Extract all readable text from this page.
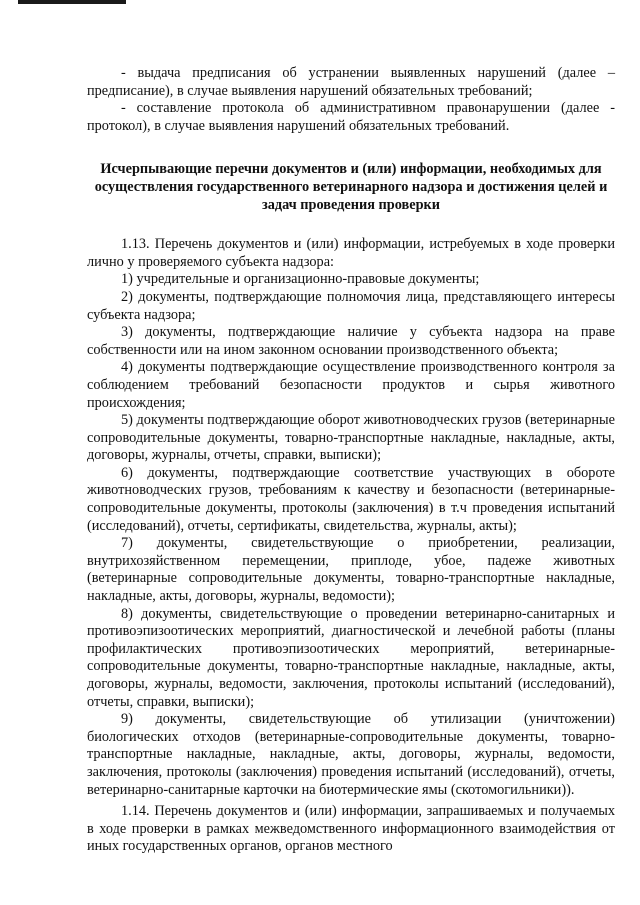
- выдача предписания об устранении выявленных нарушений (далее – предписание), в случае выявления нарушений обязательных требований;

- составление протокола об административном правонарушении (далее - протокол), в случае выявления нарушений обязательных требований.

Исчерпывающие перечни документов и (или) информации, необходимых для осуществления государственного ветеринарного надзора и достижения целей и задач проведения проверки

1.13. Перечень документов и (или) информации, истребуемых в ходе проверки лично у проверяемого субъекта надзора:

1) учредительные и организационно-правовые документы;

2) документы, подтверждающие полномочия лица, представляющего интересы субъекта надзора;

3) документы, подтверждающие наличие у субъекта надзора на праве собственности или на ином законном основании производственного объекта;

4) документы подтверждающие осуществление производственного контроля за соблюдением требований безопасности продуктов и сырья животного происхождения;

5) документы подтверждающие оборот животноводческих грузов (ветеринарные сопроводительные документы, товарно-транспортные накладные, накладные, акты, договоры, журналы, отчеты, справки, выписки);

6) документы, подтверждающие соответствие участвующих в обороте животноводческих грузов, требованиям к качеству и безопасности (ветеринарные-сопроводительные документы, протоколы (заключения) в т.ч проведения испытаний (исследований), отчеты, сертификаты, свидетельства, журналы, акты);

7) документы, свидетельствующие о приобретении, реализации, внутрихозяйственном перемещении, приплоде, убое, падеже животных (ветеринарные сопроводительные документы, товарно-транспортные накладные, накладные, акты, договоры, журналы, ведомости);

8) документы, свидетельствующие о проведении ветеринарно-санитарных и противоэпизоотических мероприятий, диагностической и лечебной работы (планы профилактических противоэпизоотических мероприятий, ветеринарные-сопроводительные документы, товарно-транспортные накладные, накладные, акты, договоры, журналы, ведомости, заключения, протоколы испытаний (исследований), отчеты, справки, выписки);

9) документы, свидетельствующие об утилизации (уничтожении) биологических отходов (ветеринарные-сопроводительные документы, товарно-транспортные накладные, накладные, акты, договоры, журналы, ведомости, заключения, протоколы (заключения) проведения испытаний (исследований), отчеты, ветеринарно-санитарные карточки на биотермические ямы (скотомогильники)).

1.14. Перечень документов и (или) информации, запрашиваемых и получаемых в ходе проверки в рамках межведомственного информационного взаимодействия от иных государственных органов, органов местного
